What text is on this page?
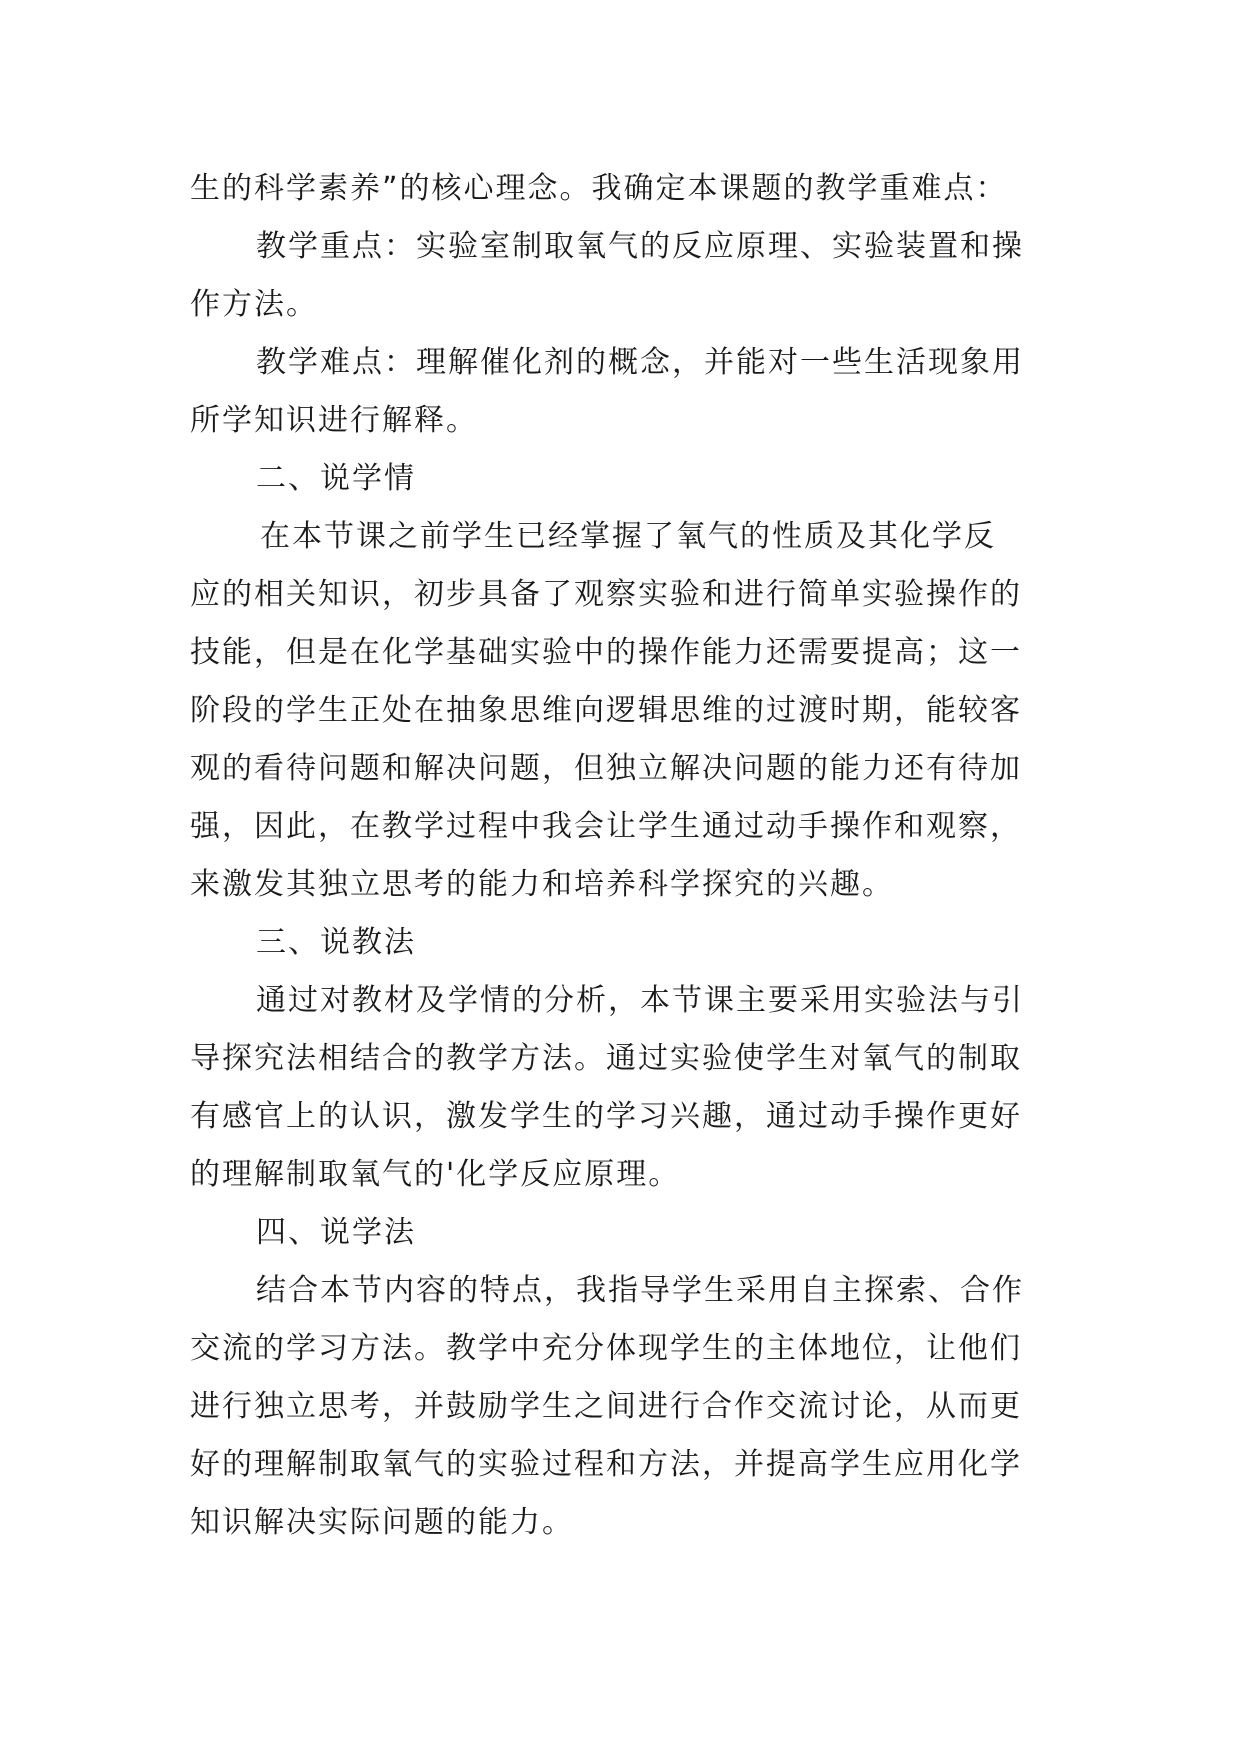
生的科学素养”的核心理念。我确定本课题的教学重难点：
教学重点：实验室制取氧气的反应原理、实验装置和操
作方法。
教学难点：理解催化剂的概念，并能对一些生活现象用
所学知识进行解释。
二、说学情
在本节课之前学生已经掌握了氧气的性质及其化学反
应的相关知识，初步具备了观察实验和进行简单实验操作的
技能，但是在化学基础实验中的操作能力还需要提高；这一
阶段的学生正处在抽象思维向逻辑思维的过渡时期，能较客
观的看待问题和解决问题，但独立解决问题的能力还有待加
强，因此，在教学过程中我会让学生通过动手操作和观察，
来激发其独立思考的能力和培养科学探究的兴趣。
三、说教法
通过对教材及学情的分析，本节课主要采用实验法与引
导探究法相结合的教学方法。通过实验使学生对氧气的制取
有感官上的认识，激发学生的学习兴趣，通过动手操作更好
的理解制取氧气的'化学反应原理。
四、说学法
结合本节内容的特点，我指导学生采用自主探索、合作
交流的学习方法。教学中充分体现学生的主体地位，让他们
进行独立思考，并鼓励学生之间进行合作交流讨论，从而更
好的理解制取氧气的实验过程和方法，并提高学生应用化学
知识解决实际问题的能力。
